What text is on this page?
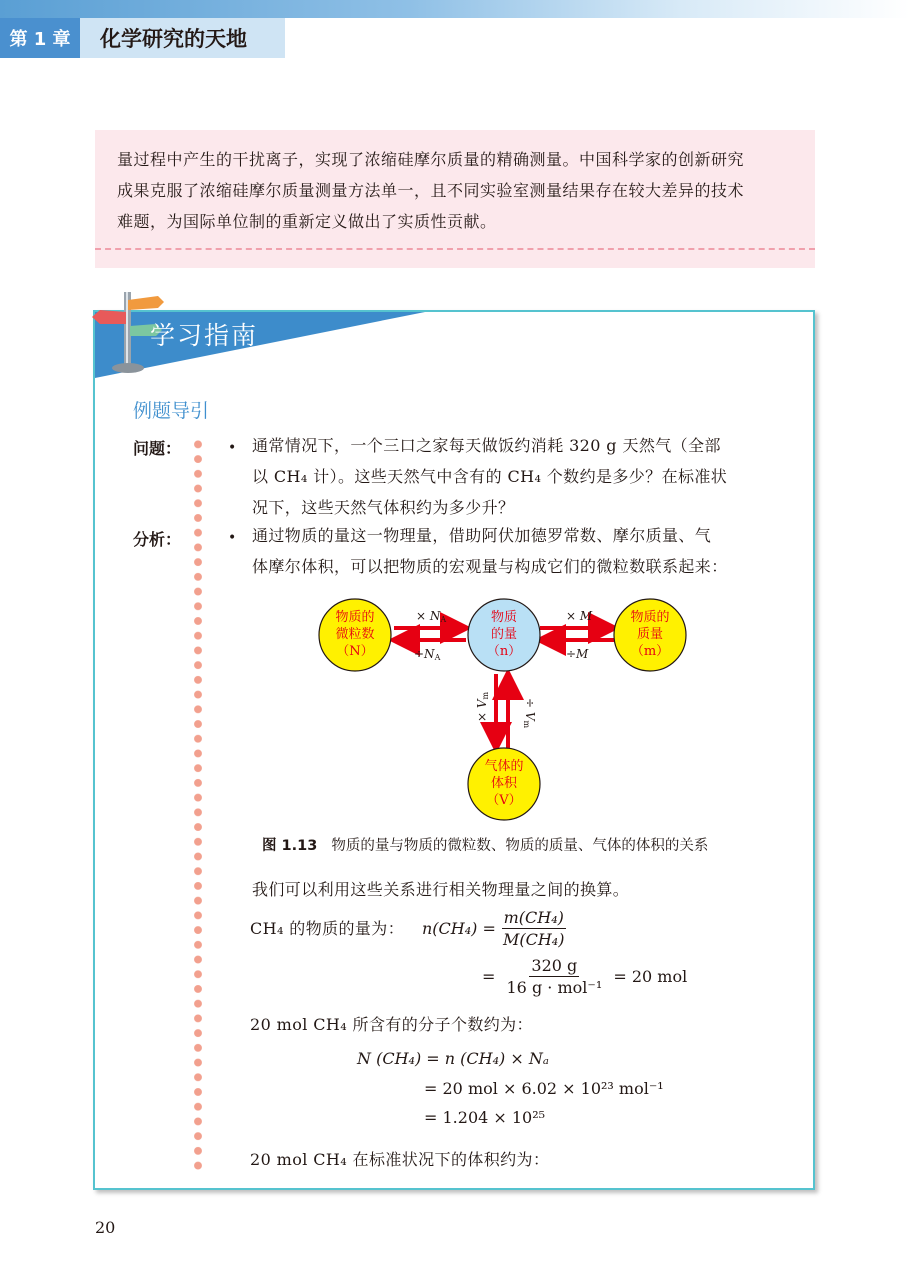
第 1 章	化学研究的天地
量过程中产生的干扰离子，实现了浓缩硅摩尔质量的精确测量。中国科学家的创新研究
成果克服了浓缩硅摩尔质量测量方法单一，且不同实验室测量结果存在较大差异的技术
难题，为国际单位制的重新定义做出了实质性贡献。
学习指南
例题导引
问题：	• 通常情况下，一个三口之家每天做饭约消耗 320 g 天然气（全部
以 CH₄ 计）。这些天然气中含有的 CH₄ 个数约是多少？在标准状
况下，这些天然气体积约为多少升？
分析：	• 通过物质的量这一物理量，借助阿伏加德罗常数、摩尔质量、气
体摩尔体积，可以把物质的宏观量与构成它们的微粒数联系起来：
物质的
微粒数
（N）
物质
的量
（n）
物质的
质量
（m）
气体的
体积
（V）
× NA
÷NA
× M
÷M
× Vm
÷ Vm
图 1.13 物质的量与物质的微粒数、物质的质量、气体的体积的关系
我们可以利用这些关系进行相关物理量之间的换算。
CH₄ 的物质的量为： $n(CH_4) = \frac{\text{m(CH₄)}}{\text{M(CH₄)}}$
= $\frac{320 g}{\text{16 g · mol⁻¹}} = 20$ mol
20 mol CH₄ 所含有的分子个数约为：
N (CH₄) = n (CH₄) × Nₐ
= 20 mol × 6.02 × 10²³ mol⁻¹
= 1.204 × 10²⁵
20 mol CH₄ 在标准状况下的体积约为：
20
